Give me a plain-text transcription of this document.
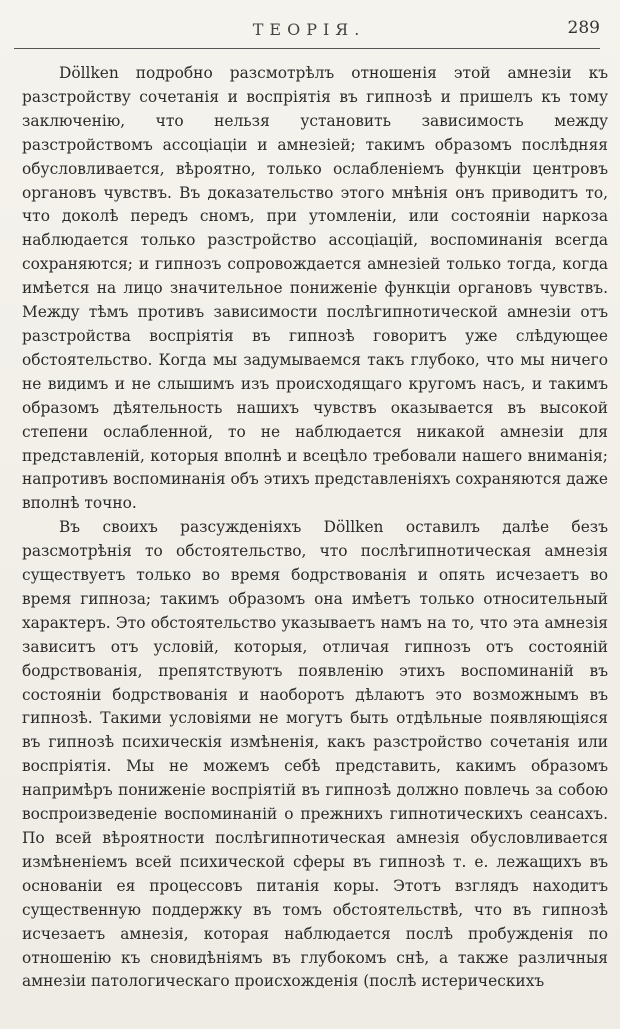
ТЕОРІЯ.	289

Döllken подробно разсмотрѣлъ отношенія этой амнезіи къ разстройству сочетанія и воспріятія въ гипнозѣ и пришелъ къ тому заключенію, что нельзя установить зависимость между разстройствомъ ассоціаціи и амнезіей; такимъ образомъ послѣдняя обусловливается, вѣроятно, только ослабленіемъ функціи центровъ органовъ чувствъ. Въ доказательство этого мнѣнія онъ приводитъ то, что доколѣ передъ сномъ, при утомленіи, или состояніи наркоза наблюдается только разстройство ассоціацій, воспоминанія всегда сохраняются; и гипнозъ сопровождается амнезіей только тогда, когда имѣется на лицо значительное пониженіе функціи органовъ чувствъ. Между тѣмъ противъ зависимости послѣгипнотической амнезіи отъ разстройства воспріятія въ гипнозѣ говоритъ уже слѣдующее обстоятельство. Когда мы задумываемся такъ глубоко, что мы ничего не видимъ и не слышимъ изъ происходящаго кругомъ насъ, и такимъ образомъ дѣятельность нашихъ чувствъ оказывается въ высокой степени ослабленной, то не наблюдается никакой амнезіи для представленій, которыя вполнѣ и всецѣло требовали нашего вниманія; напротивъ воспоминанія объ этихъ представленіяхъ сохраняются даже вполнѣ точно.

Въ своихъ разсужденіяхъ Döllken оставилъ далѣе безъ разсмотрѣнія то обстоятельство, что послѣгипнотическая амнезія существуетъ только во время бодрствованія и опять исчезаетъ во время гипноза; такимъ образомъ она имѣетъ только относительный характеръ. Это обстоятельство указываетъ намъ на то, что эта амнезія зависитъ отъ условій, которыя, отличая гипнозъ отъ состояній бодрствованія, препятствуютъ появленію этихъ воспоминаній въ состояніи бодрствованія и наоборотъ дѣлаютъ это возможнымъ въ гипнозѣ. Такими условіями не могутъ быть отдѣльные появляющіяся въ гипнозѣ психическія измѣненія, какъ разстройство сочетанія или воспріятія. Мы не можемъ себѣ представить, какимъ образомъ напримѣръ пониженіе воспріятій въ гипнозѣ должно повлечь за собою воспроизведеніе воспоминаній о прежнихъ гипнотическихъ сеансахъ. По всей вѣроятности послѣгипнотическая амнезія обусловливается измѣненіемъ всей психической сферы въ гипнозѣ т. е. лежащихъ въ основаніи ея процессовъ питанія коры. Этотъ взглядъ находитъ существенную поддержку въ томъ обстоятельствѣ, что въ гипнозѣ исчезаетъ амнезія, которая наблюдается послѣ пробужденія по отношенію къ сновидѣніямъ въ глубокомъ снѣ, а также различныя амнезіи патологическаго происхожденія (послѣ истерическихъ
